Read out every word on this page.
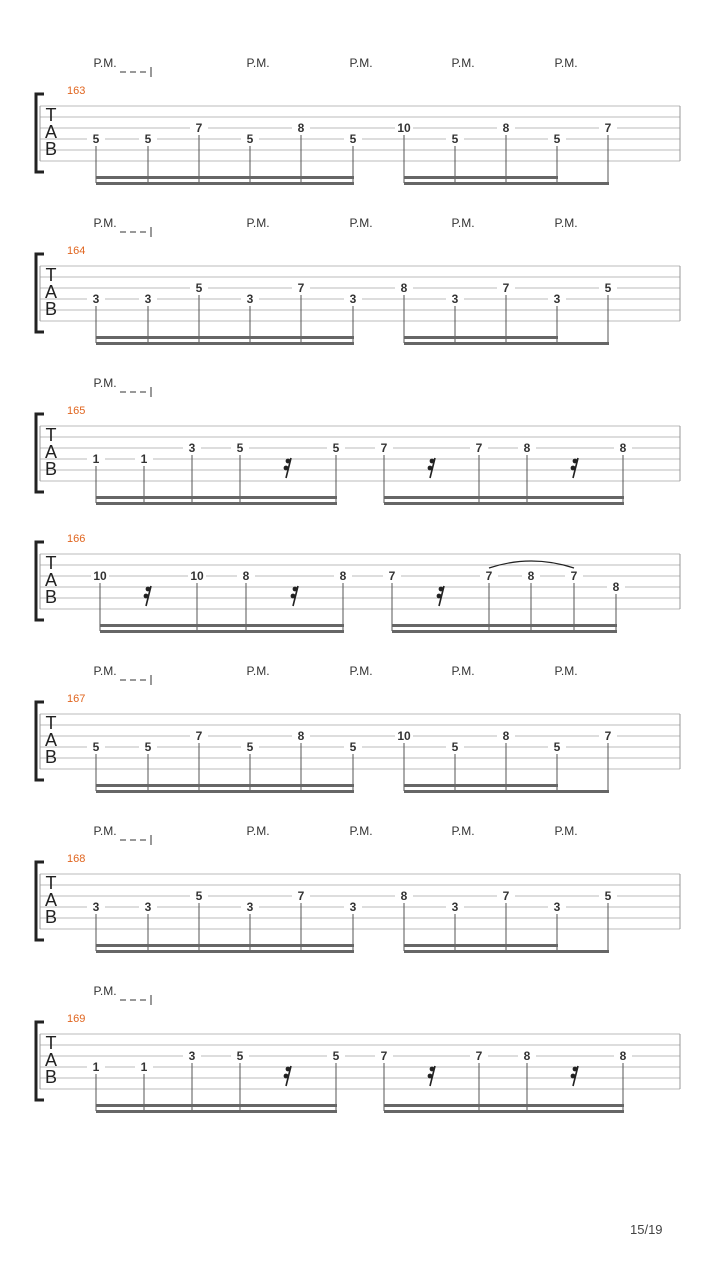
P.M.	P.M.	P.M.	P.M.	P.M.
163
T
A
B	5	5
7
5
8
5
10
5
8
5
7
P.M.	P.M.	P.M.	P.M.	P.M.
164
T
A
B	3	3
5
3
7
3
8
3
7
3
5
P.M.
165
T
A
B	1	1
3	5	5	7	7	8	8
166
T
A
B
10	10	8	8	7	7	8	7
8
P.M.	P.M.	P.M.	P.M.	P.M.
167
T
A
B	5	5
7
5
8
5
10
5
8
5
7
P.M.	P.M.	P.M.	P.M.	P.M.
168
T
A
B	3	3
5
3
7
3
8
3
7
3
5
P.M.
169
T
A
B	1	1
3	5	5	7	7	8	8
15/19
